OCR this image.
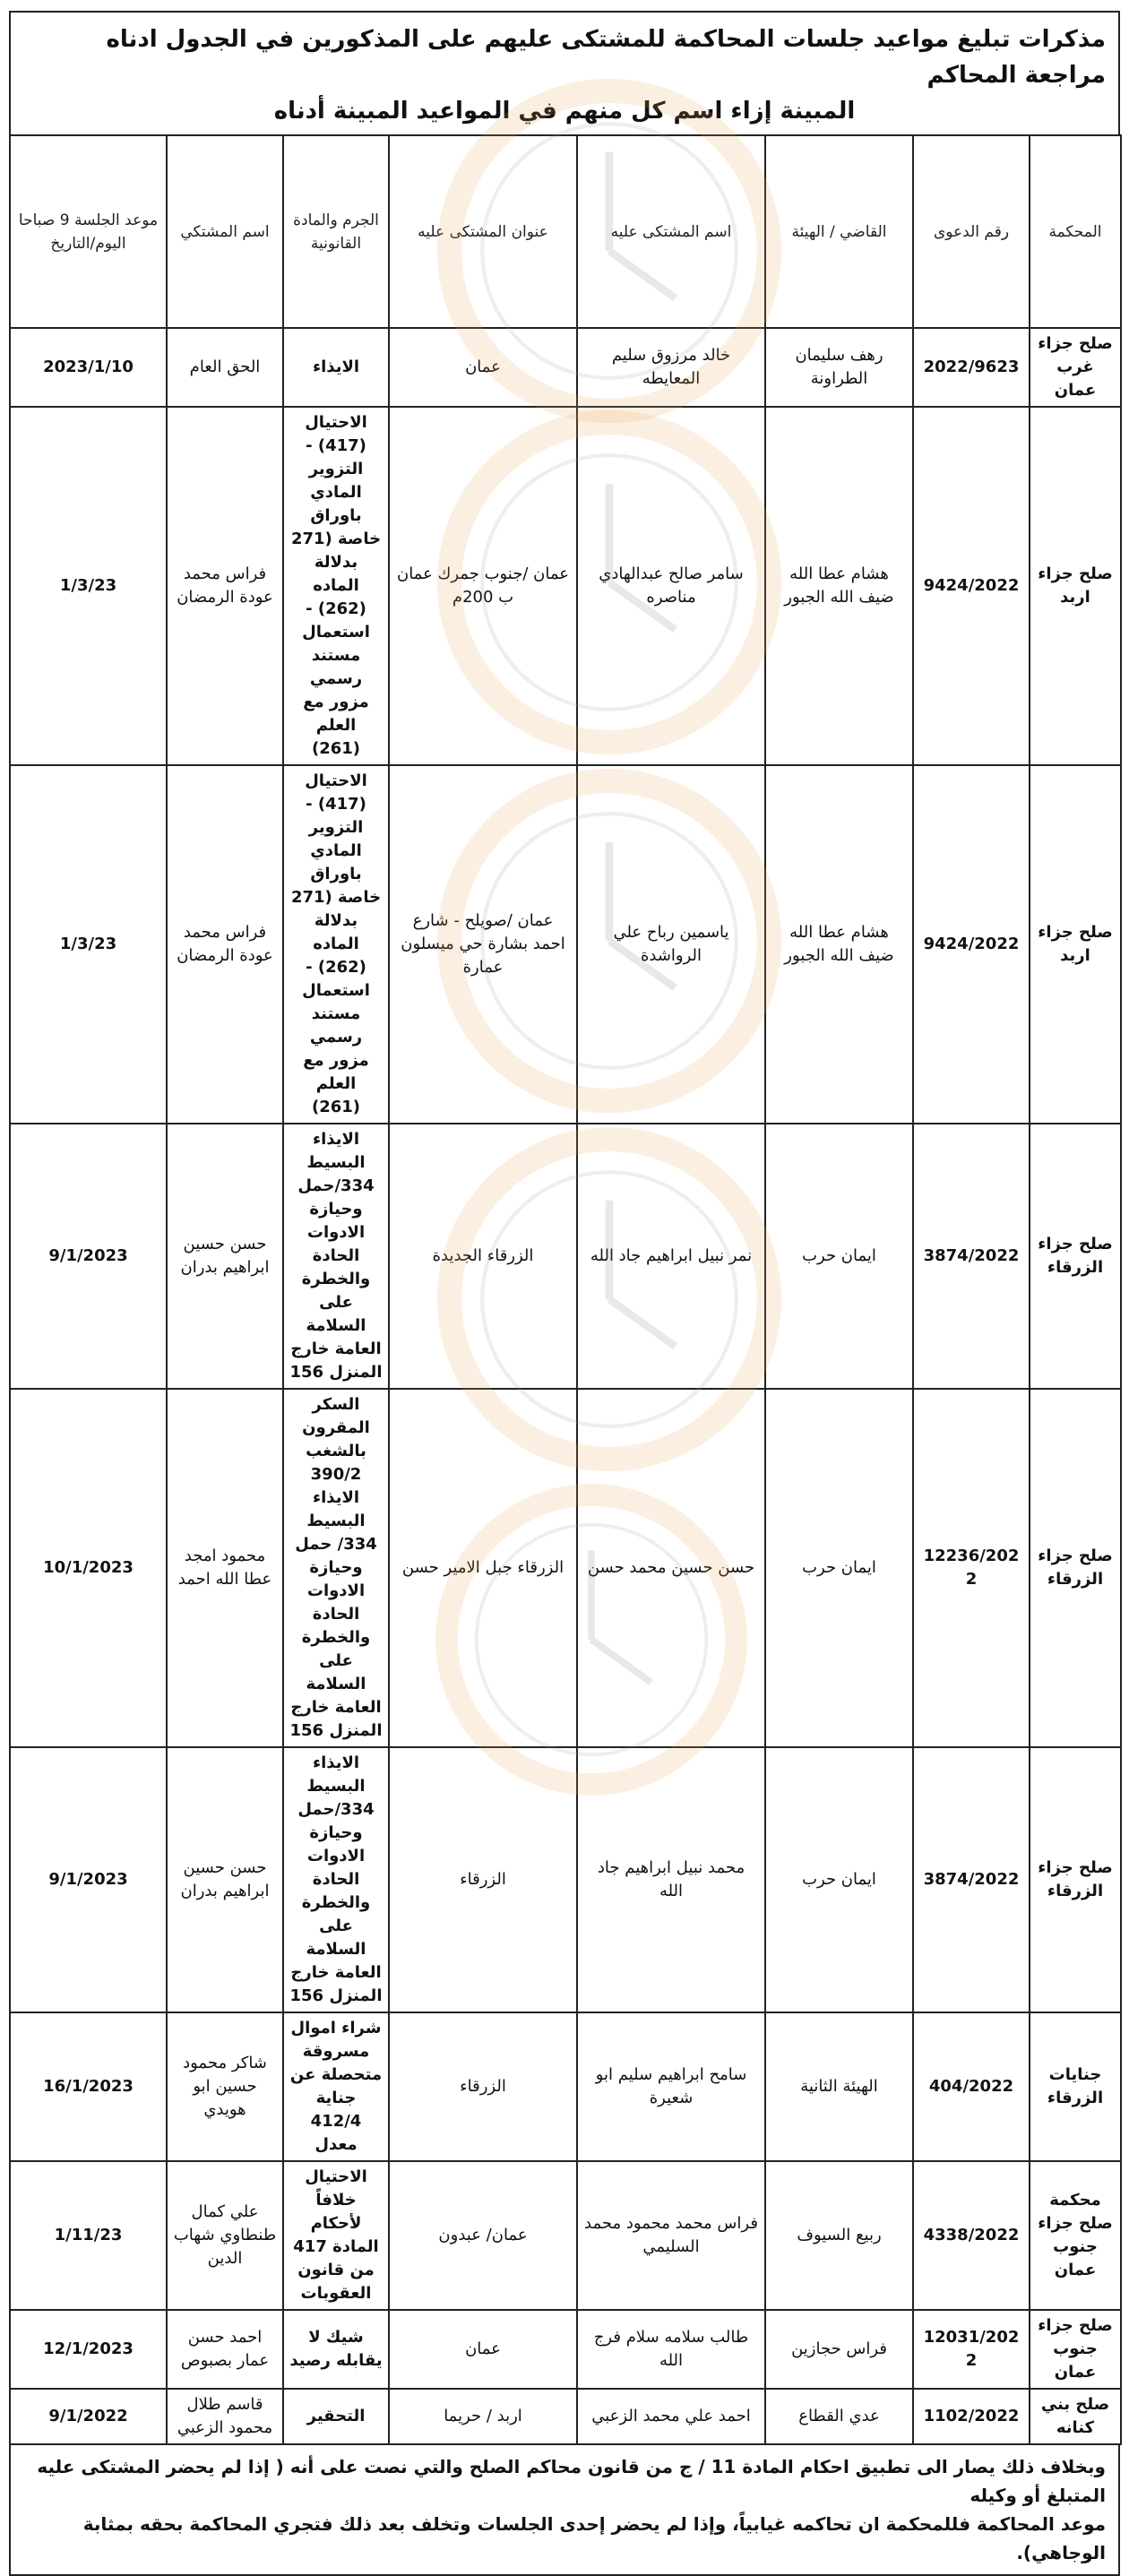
مذكرات تبليغ مواعيد جلسات المحاكمة للمشتكى عليهم على المذكورين في الجدول ادناه مراجعة المحاكم
المبينة إزاء اسم كل منهم في المواعيد المبينة أدناه
المحكمة	رقم الدعوى	القاضي / الهيئة	اسم المشتكى عليه	عنوان المشتكى عليه	الجرم والمادة القانونية	اسم المشتكي	موعد الجلسة 9 صباحا اليوم/التاريخ
صلح جزاء غرب عمان	2022/9623	رهف سليمان الطراونة	خالد مرزوق سليم المعايطه	عمان	الايذاء	الحق العام	2023/1/10
صلح جزاء اربد	9424/2022	هشام عطا الله ضيف الله الجبور	سامر صالح عبدالهادي مناصره	عمان /جنوب جمرك عمان ب 200م	الاحتيال (417) - التزوير المادي باوراق خاصة (271 بدلالة الماده (262) - استعمال مستند رسمي مزور مع العلم (261)	فراس محمد عودة الرمضان	1/3/23
صلح جزاء اربد	9424/2022	هشام عطا الله ضيف الله الجبور	ياسمين رباح علي الرواشدة	عمان /صويلح - شارع احمد بشارة حي ميسلون عمارة	الاحتيال (417) - التزوير المادي باوراق خاصة (271 بدلالة الماده (262) - استعمال مستند رسمي مزور مع العلم (261)	فراس محمد عودة الرمضان	1/3/23
صلح جزاء الزرقاء	3874/2022	ايمان حرب	نمر نبيل ابراهيم جاد الله	الزرقاء الجديدة	الايذاء البسيط 334/حمل وحيازة الادوات الحادة والخطرة على السلامة العامة خارج المنزل 156	حسن حسين ابراهيم بدران	9/1/2023
صلح جزاء الزرقاء	12236/2022	ايمان حرب	حسن حسين محمد حسن	الزرقاء جبل الامير حسن	السكر المقرون بالشغب 390/2 الايذاء البسيط 334/ حمل وحيازة الادوات الحادة والخطرة على السلامة العامة خارج المنزل 156	محمود امجد عطا الله احمد	10/1/2023
صلح جزاء الزرقاء	3874/2022	ايمان حرب	محمد نبيل ابراهيم جاد الله	الزرقاء	الايذاء البسيط 334/حمل وحيازة الادوات الحادة والخطرة على السلامة العامة خارج المنزل 156	حسن حسين ابراهيم بدران	9/1/2023
جنايات الزرقاء	404/2022	الهيئة الثانية	سامح ابراهيم سليم ابو شعيرة	الزرقاء	شراء اموال مسروقة متحصلة عن جناية 412/4 معدل	شاكر محمود حسين ابو هويدي	16/1/2023
محكمة صلح جزاء جنوب عمان	4338/2022	ربيع السيوف	فراس محمد محمود محمد السليمي	عمان/ عبدون	الاحتيال خلافاً لأحكام المادة 417 من قانون العقوبات	علي كمال طنطاوي شهاب الدين	1/11/23
صلح جزاء جنوب عمان	12031/2022	فراس حجازين	طالب سلامه سلام فرج الله	عمان	شيك لا يقابله رصيد	احمد حسن عمار بصبوص	12/1/2023
صلح بني كنانه	1102/2022	عدي القطاع	احمد علي محمد الزعبي	اربد / حريما	التحقير	قاسم طلال محمود الزعبي	9/1/2022
وبخلاف ذلك يصار الى تطبيق احكام المادة 11 / ج من قانون محاكم الصلح والتي نصت على أنه ( إذا لم يحضر المشتكى عليه المتبلغ أو وكيله
موعد المحاكمة فللمحكمة ان تحاكمه غيابياً، وإذا لم يحضر إحدى الجلسات وتخلف بعد ذلك فتجري المحاكمة بحقه بمثابة الوجاهي).
